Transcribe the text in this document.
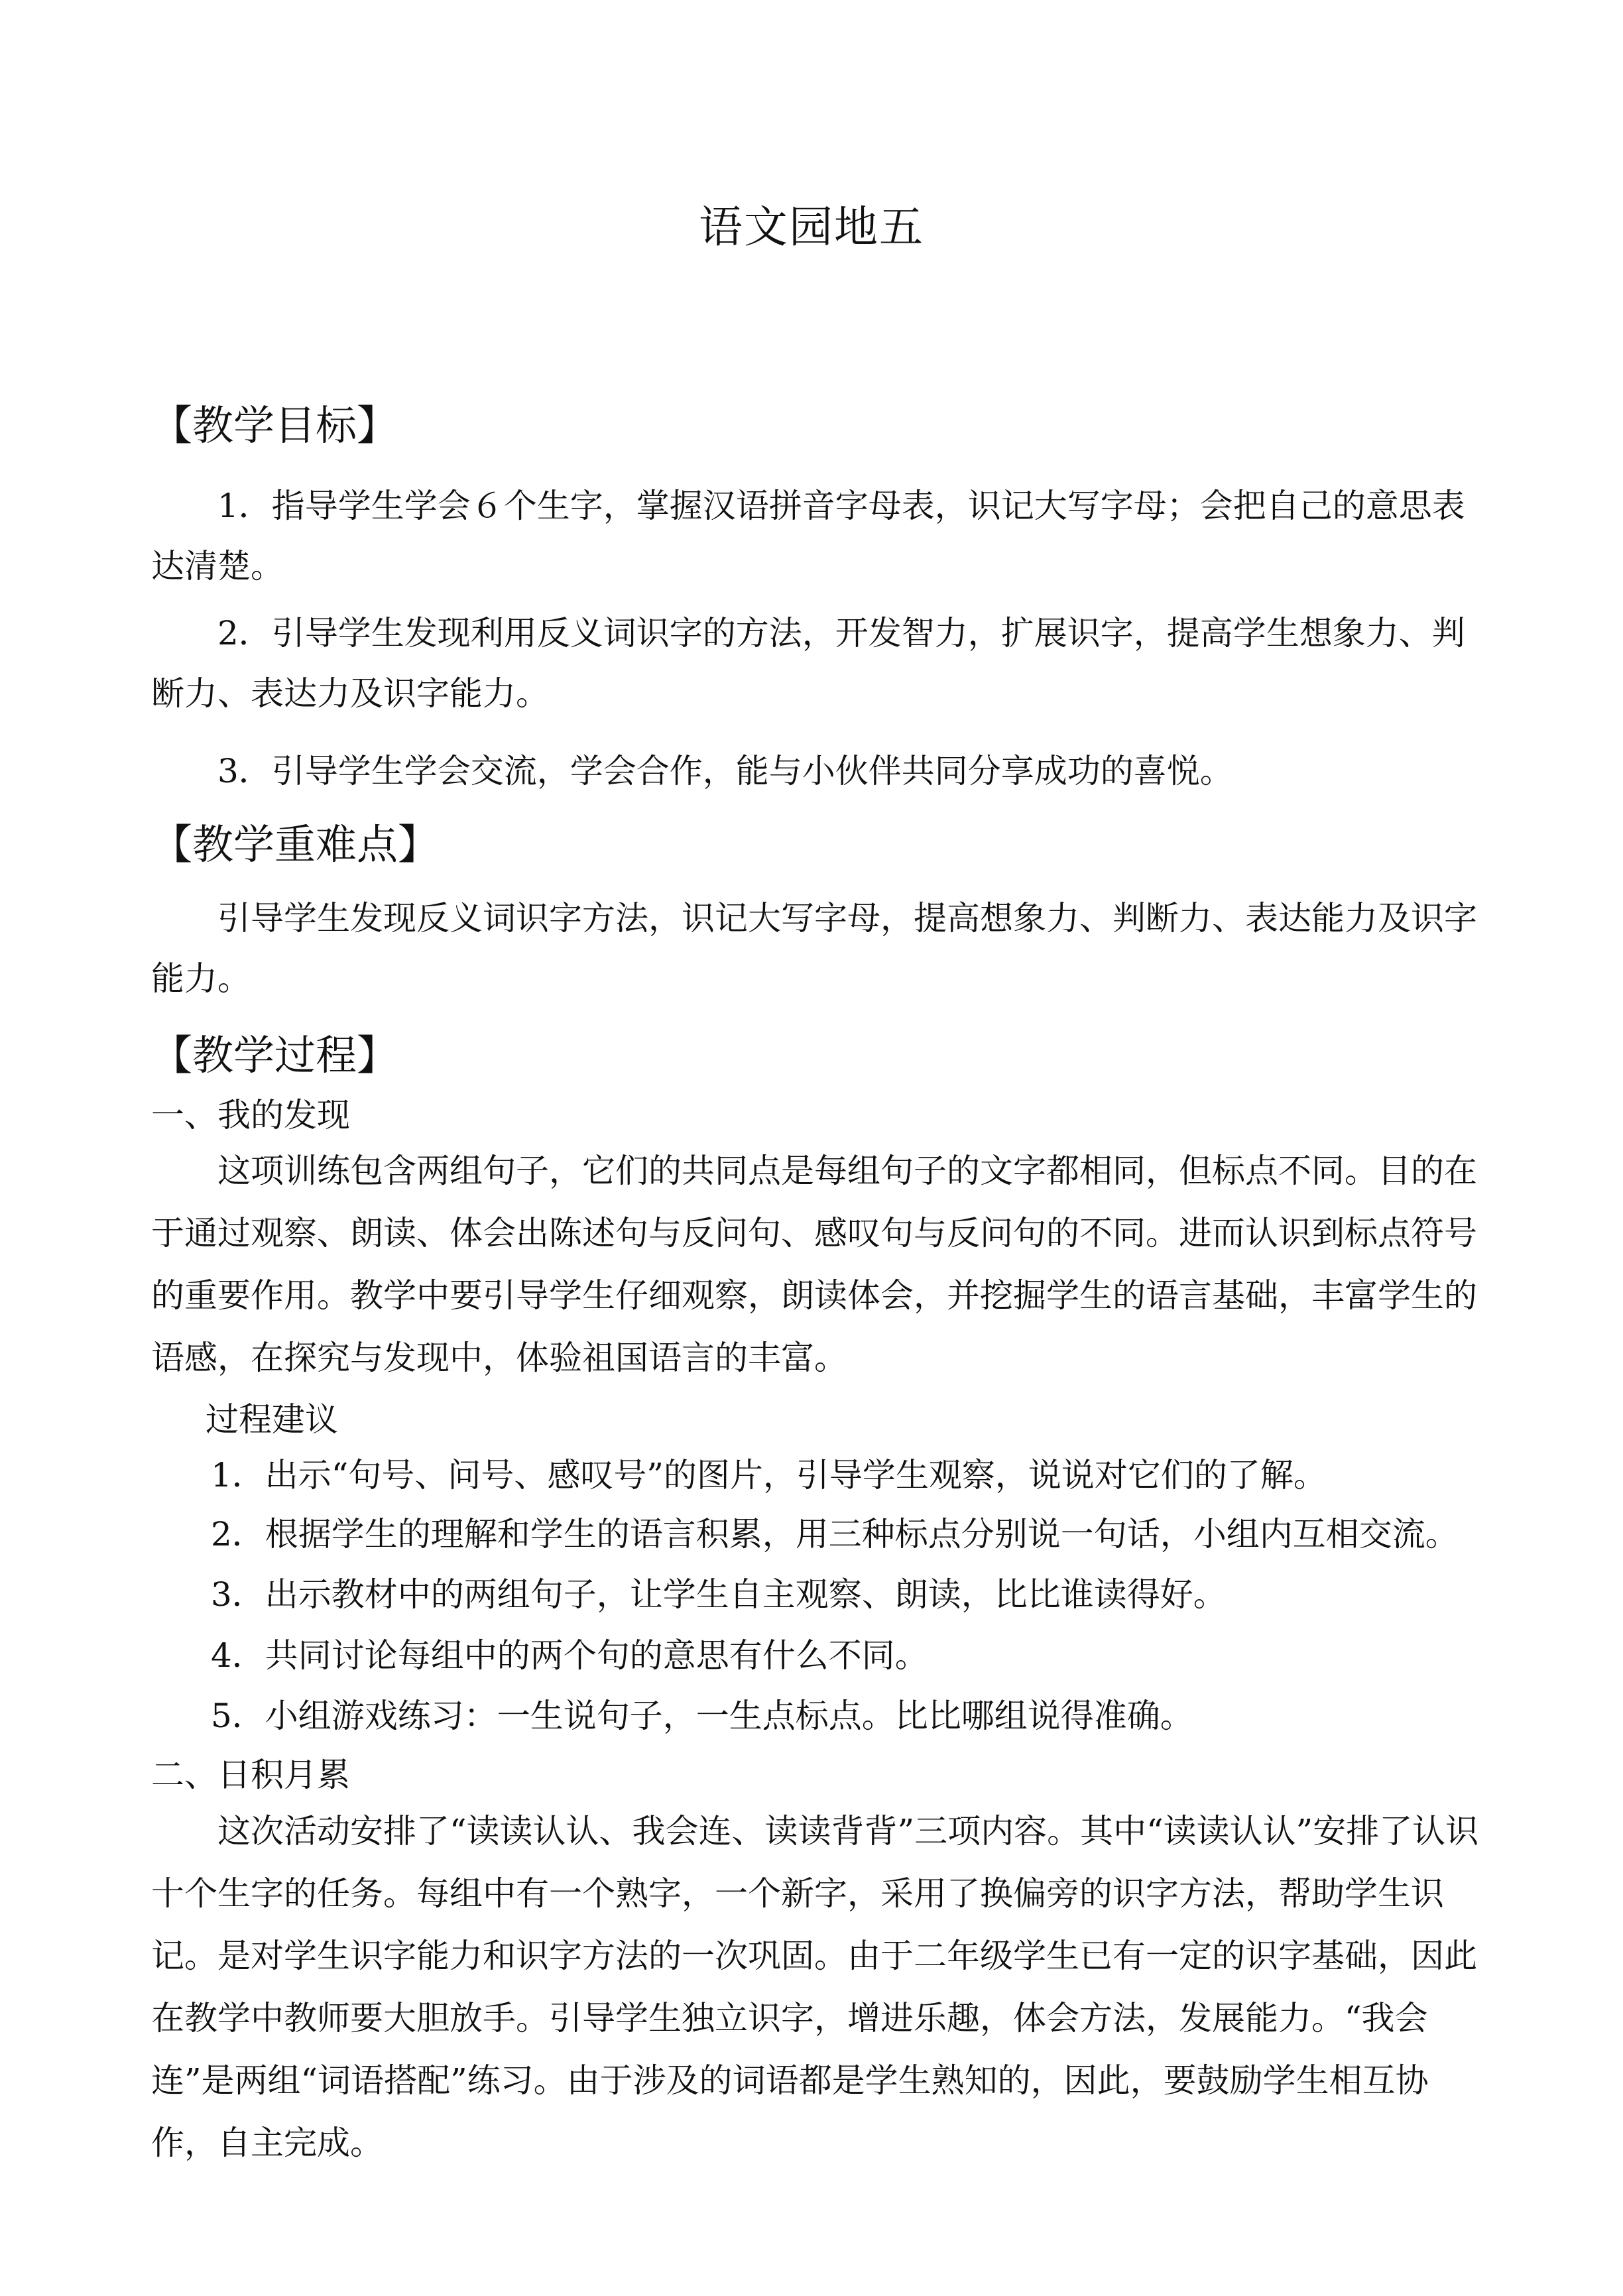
语文园地五
【教学目标】
1．指导学生学会６个生字，掌握汉语拼音字母表，识记大写字母；会把自己的意思表达清楚。
2．引导学生发现利用反义词识字的方法，开发智力，扩展识字，提高学生想象力、判断力、表达力及识字能力。
3．引导学生学会交流，学会合作，能与小伙伴共同分享成功的喜悦。
【教学重难点】
引导学生发现反义词识字方法，识记大写字母，提高想象力、判断力、表达能力及识字能力。
【教学过程】
一、我的发现
这项训练包含两组句子，它们的共同点是每组句子的文字都相同，但标点不同。目的在于通过观察、朗读、体会出陈述句与反问句、感叹句与反问句的不同。进而认识到标点符号的重要作用。教学中要引导学生仔细观察，朗读体会，并挖掘学生的语言基础，丰富学生的语感，在探究与发现中，体验祖国语言的丰富。
过程建议
1．出示“句号、问号、感叹号”的图片，引导学生观察，说说对它们的了解。
2．根据学生的理解和学生的语言积累，用三种标点分别说一句话，小组内互相交流。
3．出示教材中的两组句子，让学生自主观察、朗读，比比谁读得好。
4．共同讨论每组中的两个句的意思有什么不同。
5．小组游戏练习：一生说句子，一生点标点。比比哪组说得准确。
二、日积月累
这次活动安排了“读读认认、我会连、读读背背”三项内容。其中“读读认认”安排了认识十个生字的任务。每组中有一个熟字，一个新字，采用了换偏旁的识字方法，帮助学生识记。是对学生识字能力和识字方法的一次巩固。由于二年级学生已有一定的识字基础，因此在教学中教师要大胆放手。引导学生独立识字，增进乐趣，体会方法，发展能力。“我会连”是两组“词语搭配”练习。由于涉及的词语都是学生熟知的，因此，要鼓励学生相互协作，自主完成。
